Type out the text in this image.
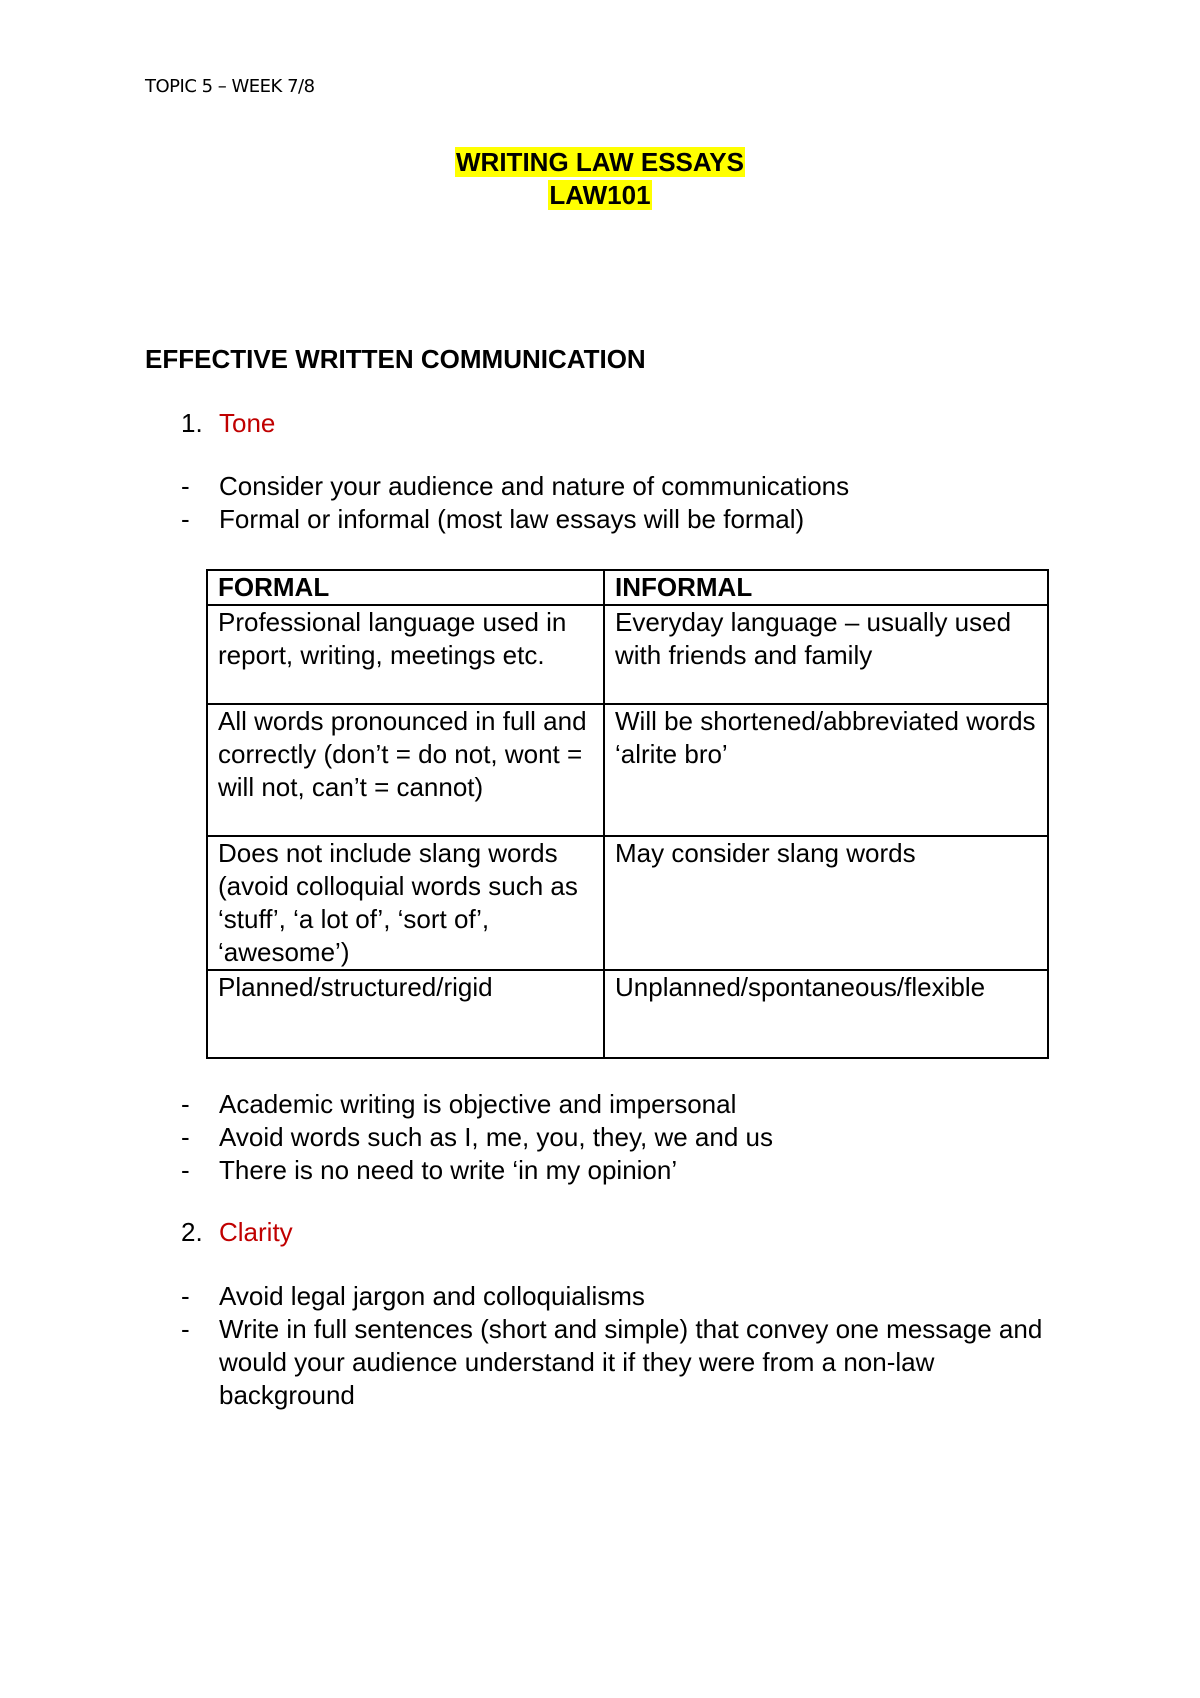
TOPIC 5 – WEEK 7/8
WRITING LAW ESSAYS
LAW101
EFFECTIVE WRITTEN COMMUNICATION
1. Tone
- Consider your audience and nature of communications
- Formal or informal (most law essays will be formal)
FORMAL	INFORMAL
Professional language used in report, writing, meetings etc.	Everyday language – usually used with friends and family
All words pronounced in full and correctly (don’t = do not, wont = will not, can’t = cannot)	Will be shortened/abbreviated words ‘alrite bro’
Does not include slang words (avoid colloquial words such as ‘stuff’, ‘a lot of’, ‘sort of’, ‘awesome’)	May consider slang words
Planned/structured/rigid	Unplanned/spontaneous/flexible
- Academic writing is objective and impersonal
- Avoid words such as I, me, you, they, we and us
- There is no need to write ‘in my opinion’
2. Clarity
- Avoid legal jargon and colloquialisms
- Write in full sentences (short and simple) that convey one message and would your audience understand it if they were from a non-law background
